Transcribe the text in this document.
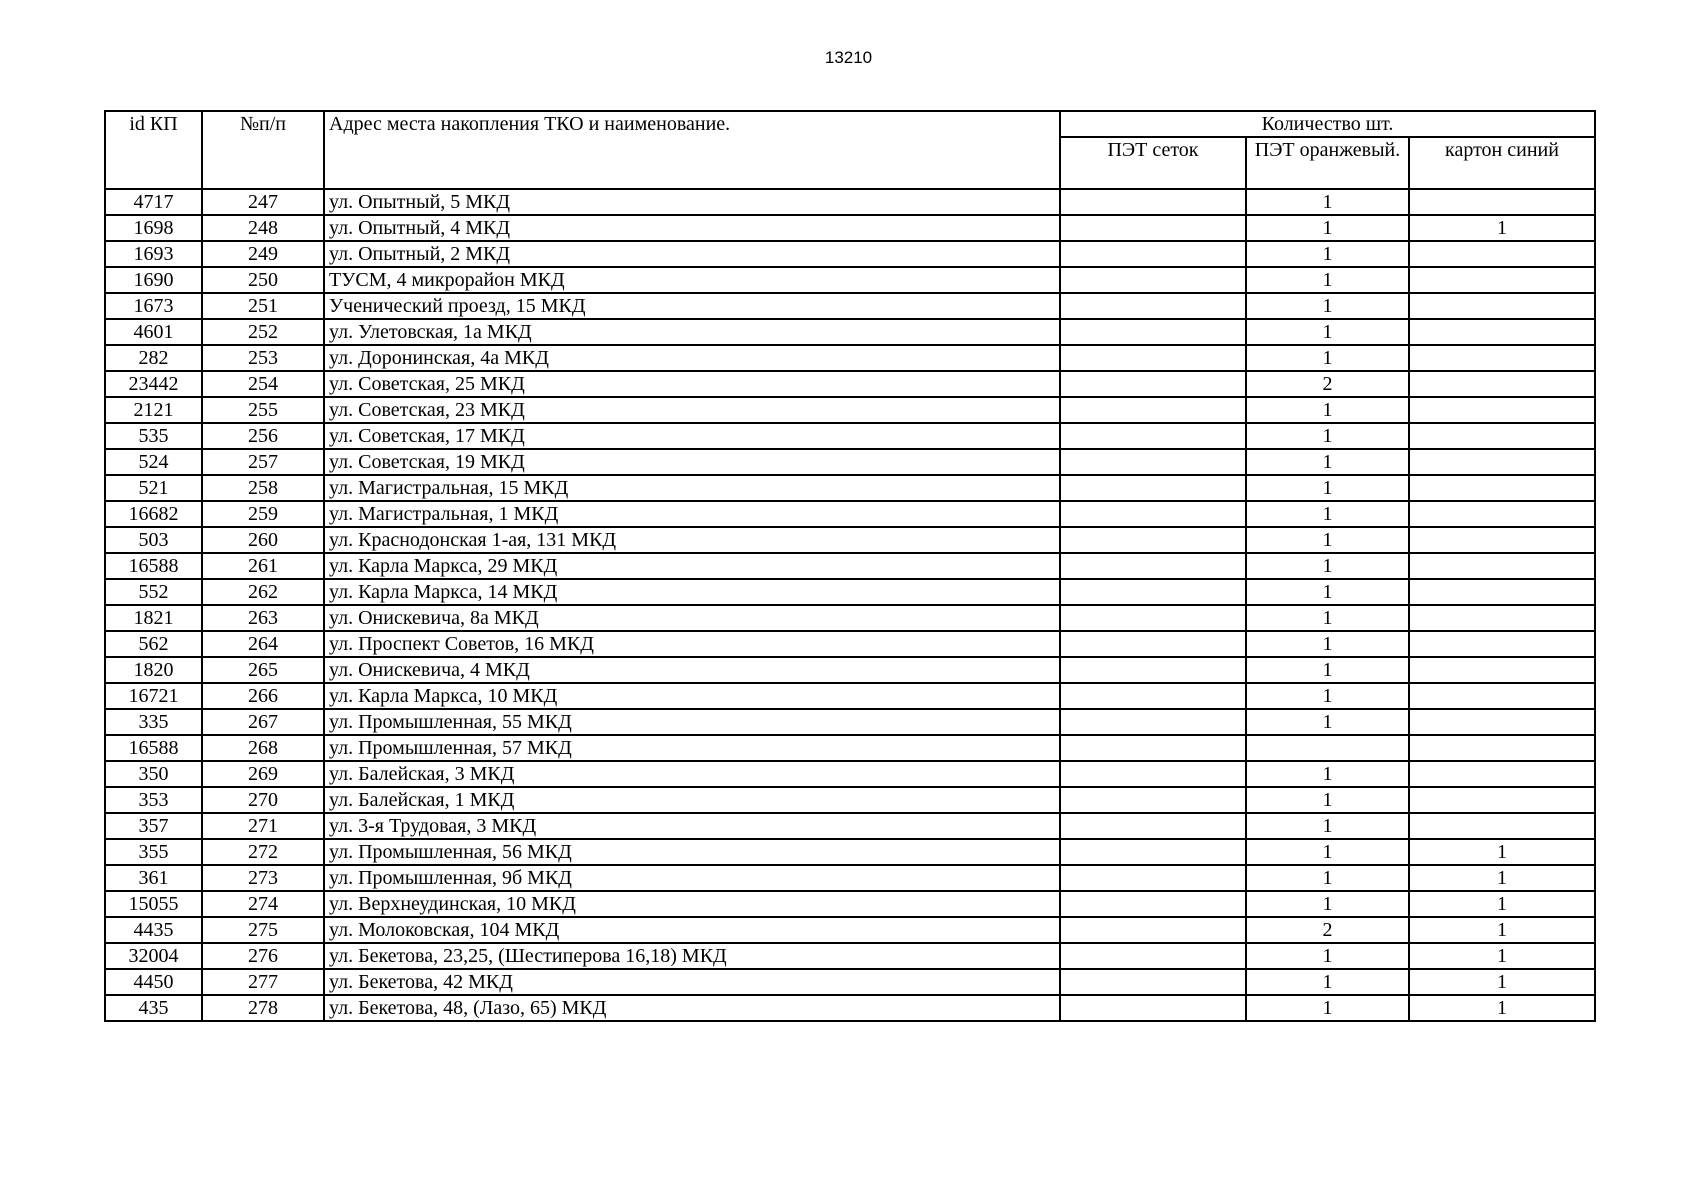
13210
id КП	№п/п	Адрес места накопления ТКО и наименование.	Количество шт.		
			ПЭТ сеток	ПЭТ оранжевый.	картон синий
4717	247	ул. Опытный, 5 МКД		1	
1698	248	ул. Опытный, 4 МКД		1	1
1693	249	ул. Опытный, 2 МКД		1	
1690	250	ТУСМ, 4 микрорайон МКД		1	
1673	251	Ученический проезд, 15 МКД		1	
4601	252	ул. Улетовская, 1а МКД		1	
282	253	ул. Доронинская, 4а МКД		1	
23442	254	ул. Советская, 25 МКД		2	
2121	255	ул. Советская, 23 МКД		1	
535	256	ул. Советская, 17 МКД		1	
524	257	ул. Советская, 19 МКД		1	
521	258	ул. Магистральная, 15 МКД		1	
16682	259	ул. Магистральная, 1 МКД		1	
503	260	ул. Краснодонская 1-ая, 131 МКД		1	
16588	261	ул. Карла Маркса, 29 МКД		1	
552	262	ул. Карла Маркса, 14 МКД		1	
1821	263	ул. Онискевича, 8а МКД		1	
562	264	ул. Проспект Советов, 16 МКД		1	
1820	265	ул. Онискевича, 4 МКД		1	
16721	266	ул. Карла Маркса, 10 МКД		1	
335	267	ул. Промышленная, 55 МКД		1	
16588	268	ул. Промышленная, 57 МКД			
350	269	ул. Балейская, 3 МКД		1	
353	270	ул. Балейская, 1 МКД		1	
357	271	ул. 3-я Трудовая, 3 МКД		1	
355	272	ул. Промышленная, 56 МКД		1	1
361	273	ул. Промышленная, 9б МКД		1	1
15055	274	ул. Верхнеудинская, 10 МКД		1	1
4435	275	ул. Молоковская, 104 МКД		2	1
32004	276	ул. Бекетова, 23,25, (Шестиперова 16,18) МКД		1	1
4450	277	ул. Бекетова, 42 МКД		1	1
435	278	ул. Бекетова, 48, (Лазо, 65) МКД		1	1
